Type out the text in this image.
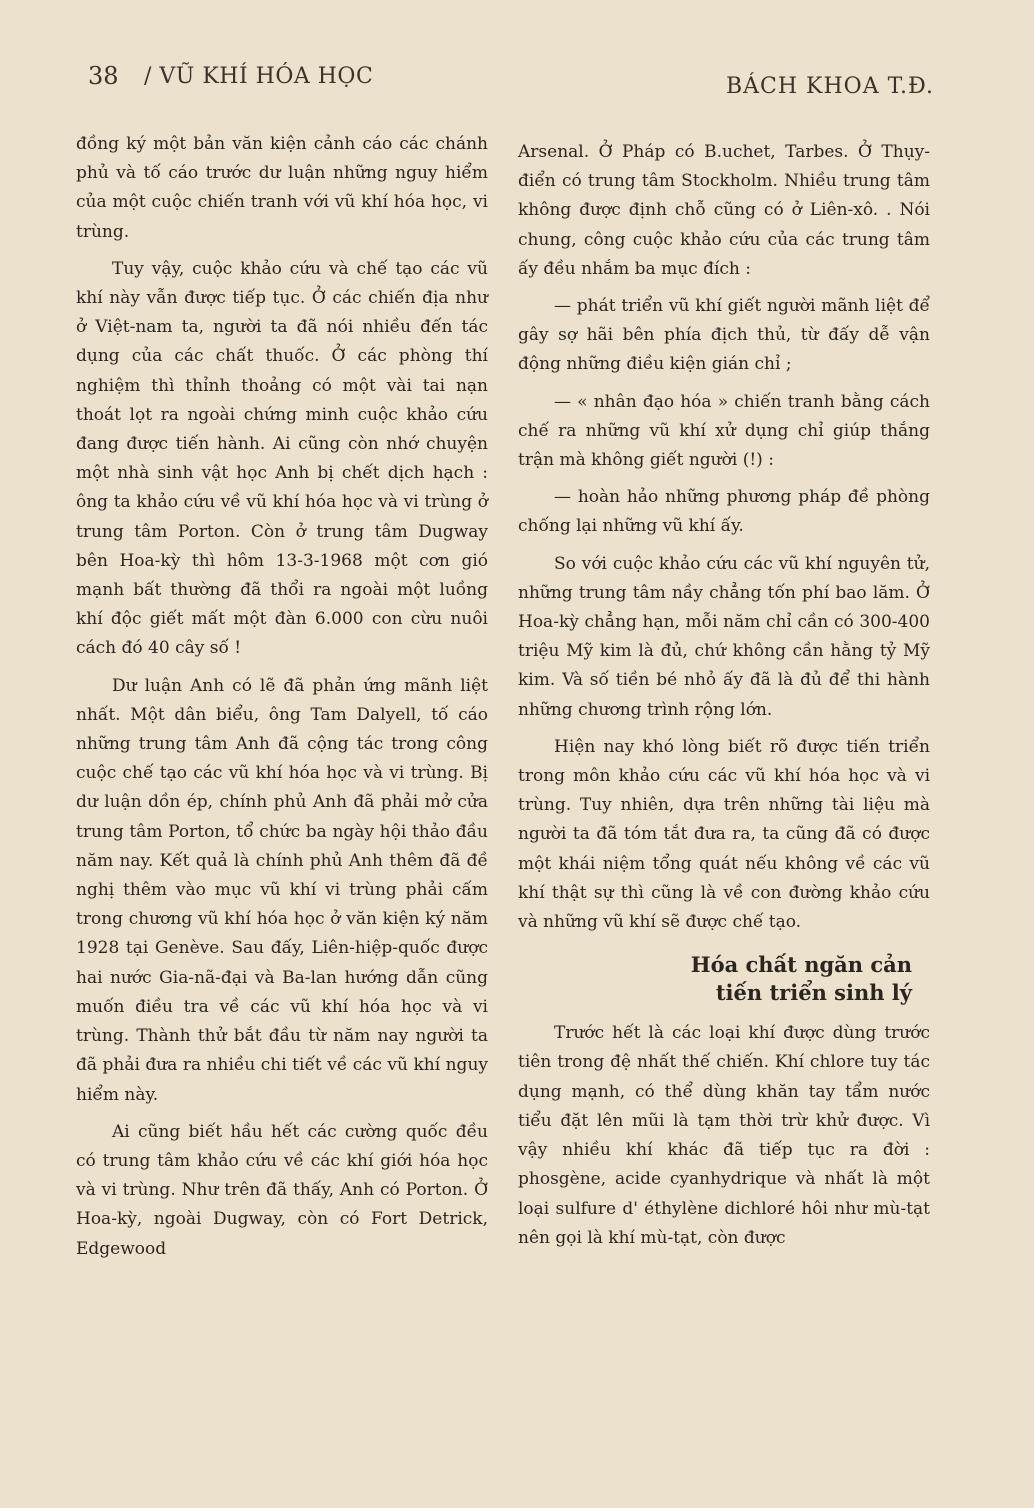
38 / VŨ KHÍ HÓA HỌC	BÁCH KHOA T.Đ.

đồng ký một bản văn kiện cảnh cáo các chánh phủ và tố cáo trước dư luận những nguy hiểm của một cuộc chiến tranh với vũ khí hóa học, vi trùng.

Tuy vậy, cuộc khảo cứu và chế tạo các vũ khí này vẫn được tiếp tục. Ở các chiến địa như ở Việt-nam ta, người ta đã nói nhiều đến tác dụng của các chất thuốc. Ở các phòng thí nghiệm thì thỉnh thoảng có một vài tai nạn thoát lọt ra ngoài chứng minh cuộc khảo cứu đang được tiến hành. Ai cũng còn nhớ chuyện một nhà sinh vật học Anh bị chết dịch hạch : ông ta khảo cứu về vũ khí hóa học và vi trùng ở trung tâm Porton. Còn ở trung tâm Dugway bên Hoa-kỳ thì hôm 13-3-1968 một cơn gió mạnh bất thường đã thổi ra ngoài một luồng khí độc giết mất một đàn 6.000 con cừu nuôi cách đó 40 cây số !

Dư luận Anh có lẽ đã phản ứng mãnh liệt nhất. Một dân biểu, ông Tam Dalyell, tố cáo những trung tâm Anh đã cộng tác trong công cuộc chế tạo các vũ khí hóa học và vi trùng. Bị dư luận dồn ép, chính phủ Anh đã phải mở cửa trung tâm Porton, tổ chức ba ngày hội thảo đầu năm nay. Kết quả là chính phủ Anh thêm đã đề nghị thêm vào mục vũ khí vi trùng phải cấm trong chương vũ khí hóa học ở văn kiện ký năm 1928 tại Genève. Sau đấy, Liên-hiệp-quốc được hai nước Gia-nã-đại và Ba-lan hướng dẫn cũng muốn điều tra về các vũ khí hóa học và vi trùng. Thành thử bắt đầu từ năm nay người ta đã phải đưa ra nhiều chi tiết về các vũ khí nguy hiểm này.

Ai cũng biết hầu hết các cường quốc đều có trung tâm khảo cứu về các khí giới hóa học và vi trùng. Như trên đã thấy, Anh có Porton. Ở Hoa-kỳ, ngoài Dugway, còn có Fort Detrick, Edgewood

Arsenal. Ở Pháp có B.uchet, Tarbes. Ở Thụy-điển có trung tâm Stockholm. Nhiều trung tâm không được định chỗ cũng có ở Liên-xô. . Nói chung, công cuộc khảo cứu của các trung tâm ấy đều nhắm ba mục đích :

— phát triển vũ khí giết người mãnh liệt để gây sợ hãi bên phía địch thủ, từ đấy dễ vận động những điều kiện gián chỉ ;

— « nhân đạo hóa » chiến tranh bằng cách chế ra những vũ khí xử dụng chỉ giúp thắng trận mà không giết người (!) :

— hoàn hảo những phương pháp đề phòng chống lại những vũ khí ấy.

So với cuộc khảo cứu các vũ khí nguyên tử, những trung tâm nầy chẳng tốn phí bao lăm. Ở Hoa-kỳ chẳng hạn, mỗi năm chỉ cần có 300-400 triệu Mỹ kim là đủ, chứ không cần hằng tỷ Mỹ kim. Và số tiền bé nhỏ ấy đã là đủ để thi hành những chương trình rộng lớn.

Hiện nay khó lòng biết rõ được tiến triển trong môn khảo cứu các vũ khí hóa học và vi trùng. Tuy nhiên, dựa trên những tài liệu mà người ta đã tóm tắt đưa ra, ta cũng đã có được một khái niệm tổng quát nếu không về các vũ khí thật sự thì cũng là về con đường khảo cứu và những vũ khí sẽ được chế tạo.

Hóa chất ngăn cản
tiến triển sinh lý

Trước hết là các loại khí được dùng trước tiên trong đệ nhất thế chiến. Khí chlore tuy tác dụng mạnh, có thể dùng khăn tay tẩm nước tiểu đặt lên mũi là tạm thời trừ khử được. Vì vậy nhiều khí khác đã tiếp tục ra đời : phosgène, acide cyanhydrique và nhất là một loại sulfure d' éthylène dichloré hôi như mù-tạt nên gọi là khí mù-tạt, còn được
